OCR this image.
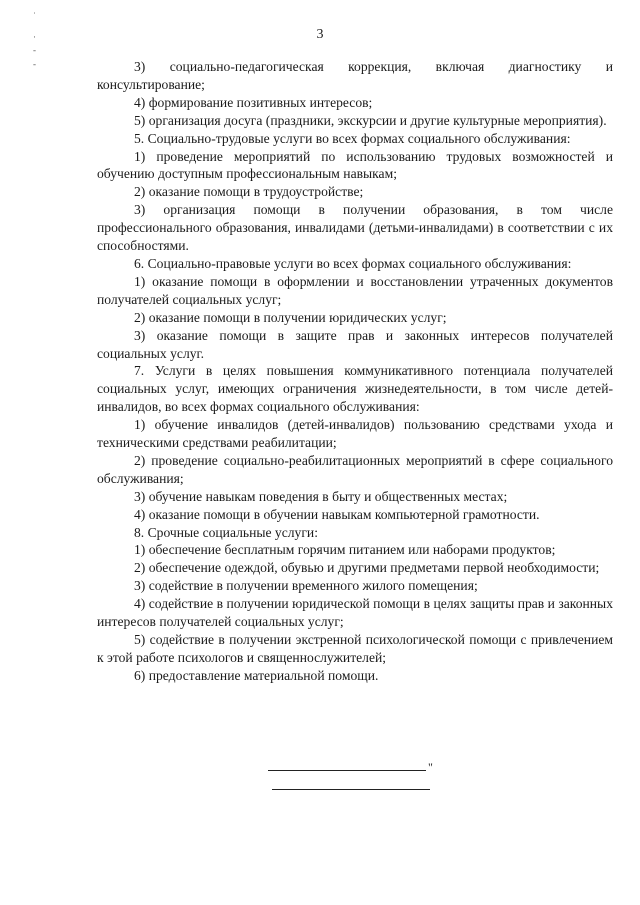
3
˙
·
-
-	3) социально-педагогическая коррекция, включая диагностику и консультирование;

4) формирование позитивных интересов;

5) организация досуга (праздники, экскурсии и другие культурные мероприятия).

5. Социально-трудовые услуги во всех формах социального обслуживания:

1) проведение мероприятий по использованию трудовых возможностей и обучению доступным профессиональным навыкам;

2) оказание помощи в трудоустройстве;

3) организация помощи в получении образования, в том числе профессионального образования, инвалидами (детьми-инвалидами) в соответствии с их способностями.

6. Социально-правовые услуги во всех формах социального обслуживания:

1) оказание помощи в оформлении и восстановлении утраченных документов получателей социальных услуг;

2) оказание помощи в получении юридических услуг;

3) оказание помощи в защите прав и законных интересов получателей социальных услуг.

7. Услуги в целях повышения коммуникативного потенциала получателей социальных услуг, имеющих ограничения жизнедеятельности, в том числе детей-инвалидов, во всех формах социального обслуживания:

1) обучение инвалидов (детей-инвалидов) пользованию средствами ухода и техническими средствами реабилитации;

2) проведение социально-реабилитационных мероприятий в сфере социального обслуживания;

3) обучение навыкам поведения в быту и общественных местах;

4) оказание помощи в обучении навыкам компьютерной грамотности.

8. Срочные социальные услуги:

1) обеспечение бесплатным горячим питанием или наборами продуктов;

2) обеспечение одеждой, обувью и другими предметами первой необходимости;

3) содействие в получении временного жилого помещения;

4) содействие в получении юридической помощи в целях защиты прав и законных интересов получателей социальных услуг;

5) содействие в получении экстренной психологической помощи с привлечением к этой работе психологов и священнослужителей;

6) предоставление материальной помощи.

"
